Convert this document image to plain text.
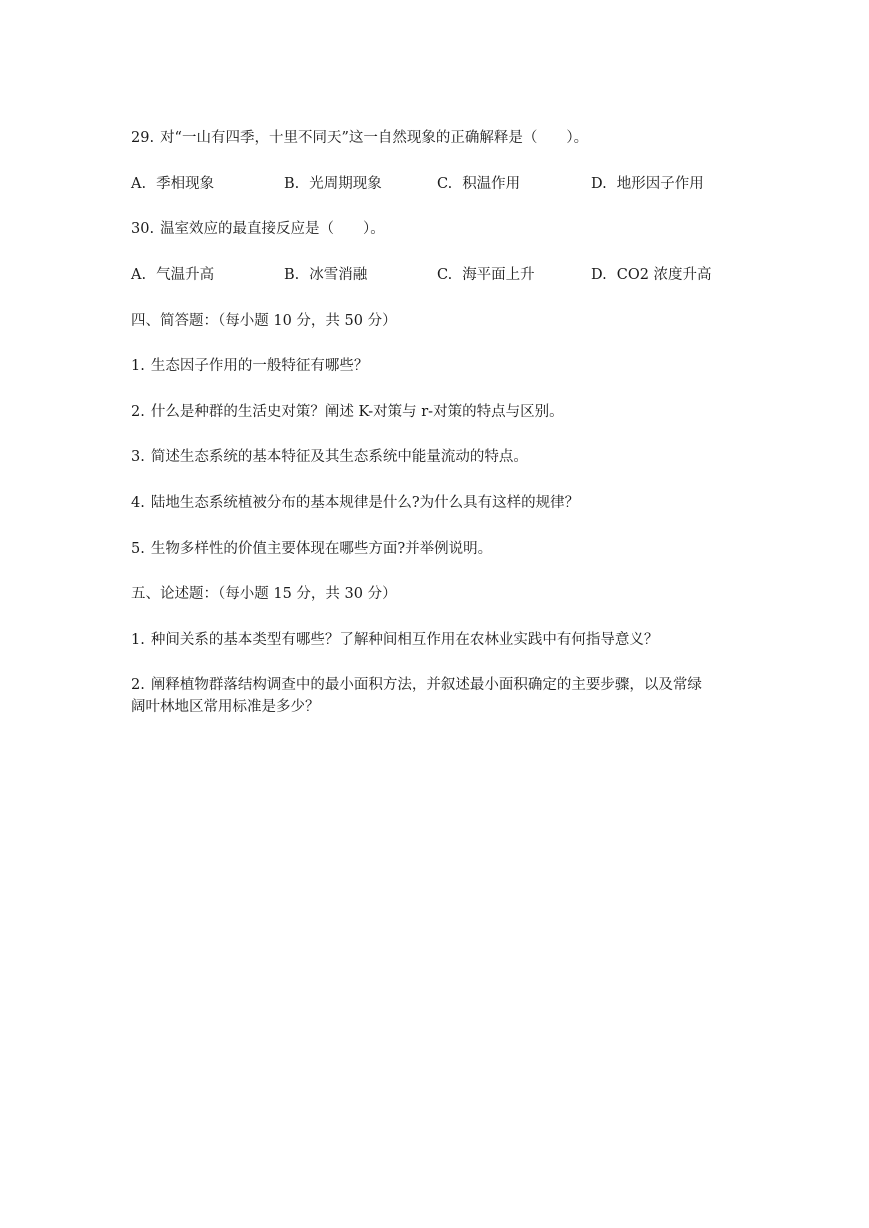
29. 对“一山有四季，十里不同天”这一自然现象的正确解释是（　　）。
A. 季相现象	B. 光周期现象	C. 积温作用	D. 地形因子作用
30. 温室效应的最直接反应是（　　）。
A. 气温升高	B. 冰雪消融	C. 海平面上升	D. CO2 浓度升高
四、简答题：（每小题 10 分，共 50 分）
1. 生态因子作用的一般特征有哪些？
2. 什么是种群的生活史对策？阐述 K-对策与 r-对策的特点与区别。
3. 简述生态系统的基本特征及其生态系统中能量流动的特点。
4. 陆地生态系统植被分布的基本规律是什么?为什么具有这样的规律？
5. 生物多样性的价值主要体现在哪些方面?并举例说明。
五、论述题：（每小题 15 分，共 30 分）
1. 种间关系的基本类型有哪些？了解种间相互作用在农林业实践中有何指导意义？
2. 阐释植物群落结构调查中的最小面积方法，并叙述最小面积确定的主要步骤，以及常绿
阔叶林地区常用标准是多少？
